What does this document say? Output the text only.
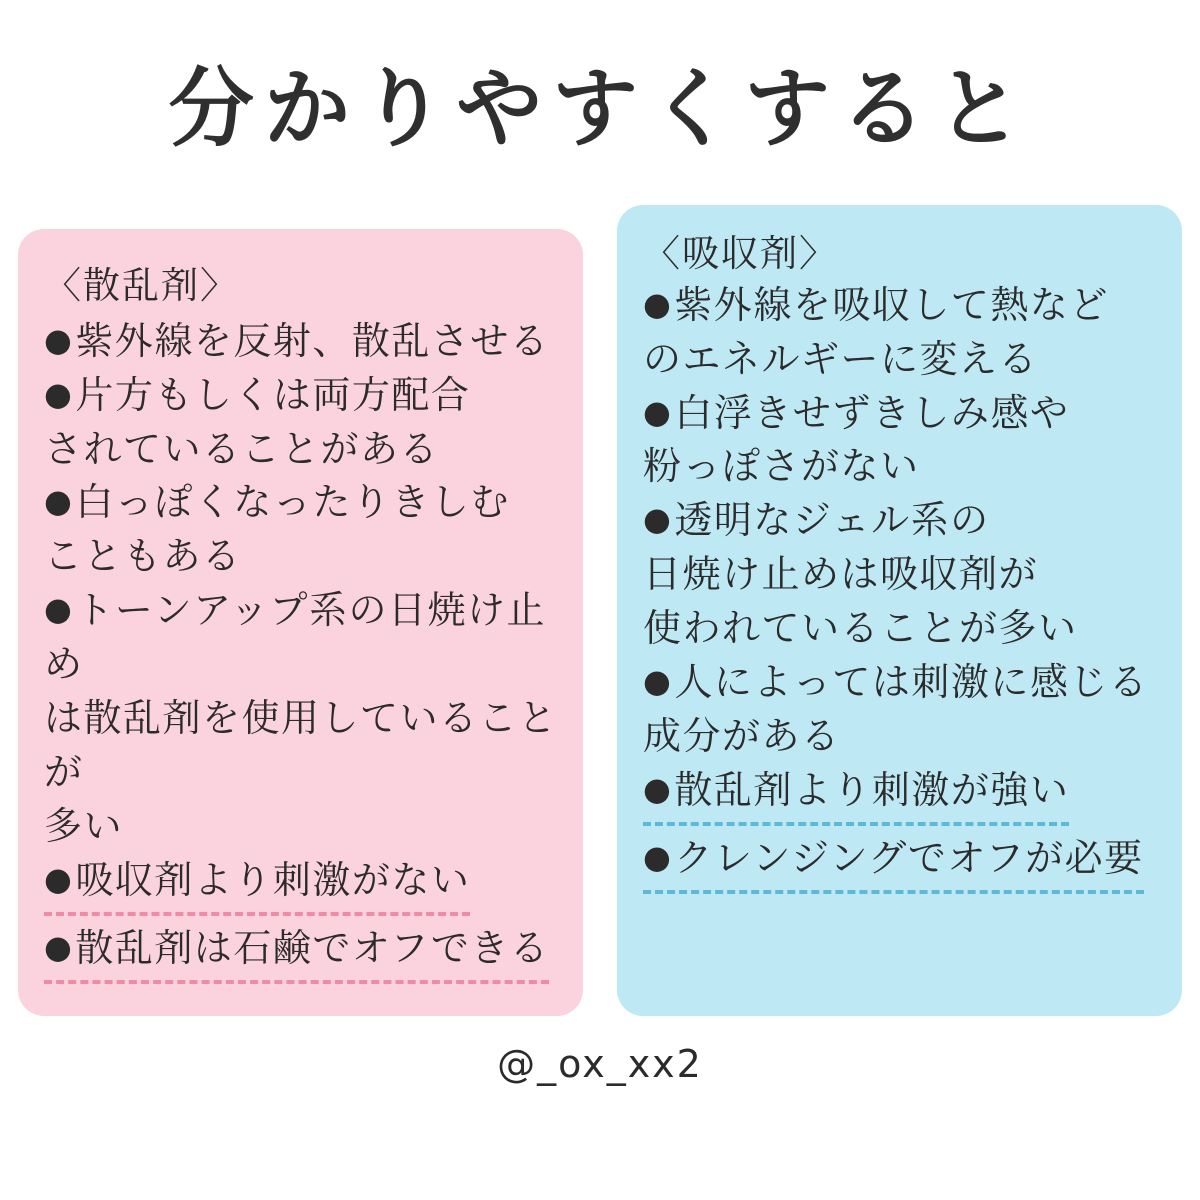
分かりやすくすると
〈散乱剤〉
● 紫外線を反射、散乱させる
● 片方もしくは両方配合
されていることがある
● 白っぽくなったりきしむ
こともある
● トーンアップ系の日焼け止め
は散乱剤を使用していることが
多い
● 吸収剤より刺激がない
● 散乱剤は石鹸でオフできる
〈吸収剤〉
● 紫外線を吸収して熱など
のエネルギーに変える
● 白浮きせずきしみ感や
粉っぽさがない
● 透明なジェル系の
日焼け止めは吸収剤が
使われていることが多い
● 人によっては刺激に感じる
成分がある
● 散乱剤より刺激が強い
● クレンジングでオフが必要
@_ox_xx2
